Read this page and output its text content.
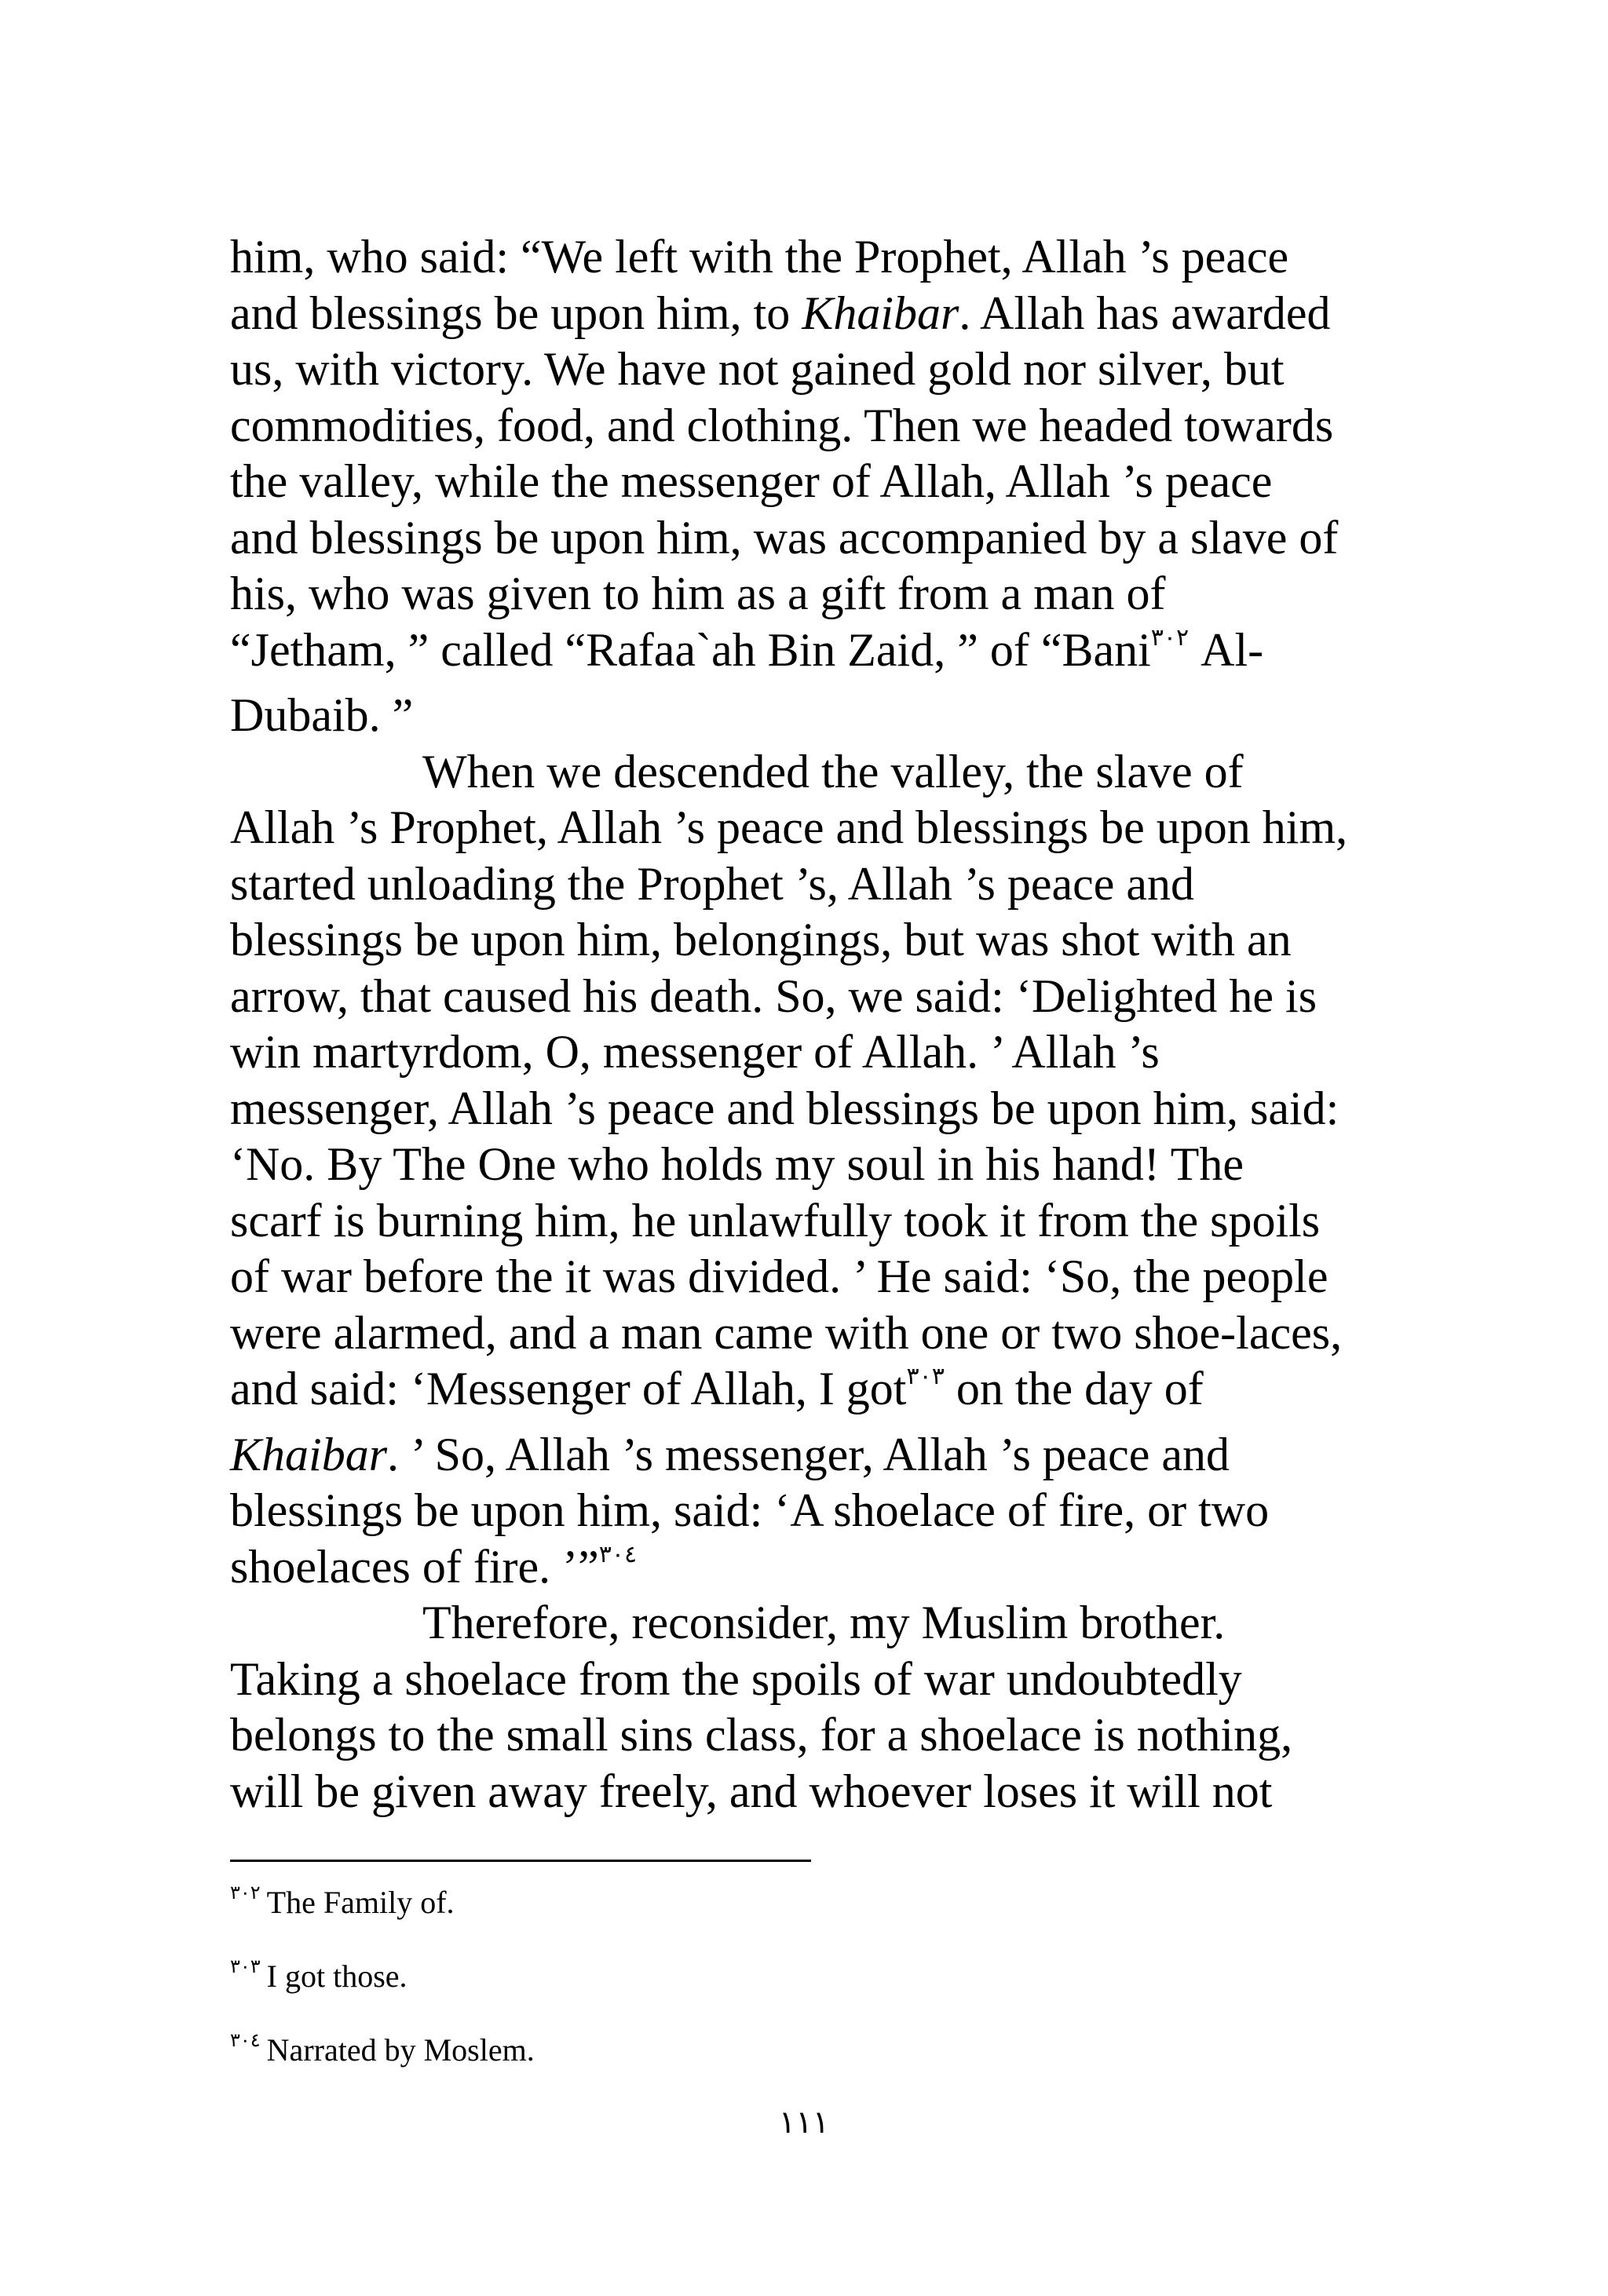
him, who said: “We left with the Prophet, Allah ’s peace
and blessings be upon him, to Khaibar. Allah has awarded
us, with victory. We have not gained gold nor silver, but
commodities, food, and clothing. Then we headed towards
the valley, while the messenger of Allah, Allah ’s peace
and blessings be upon him, was accompanied by a slave of
his, who was given to him as a gift from a man of
“Jetham, ” called “Rafaa`ah Bin Zaid, ” of “Bani$^{٣٠٢}$ Al-
Dubaib. ”

When we descended the valley, the slave of
Allah ’s Prophet, Allah ’s peace and blessings be upon him,
started unloading the Prophet ’s, Allah ’s peace and
blessings be upon him, belongings, but was shot with an
arrow, that caused his death. So, we said: ‘Delighted he is
win martyrdom, O, messenger of Allah. ’ Allah ’s
messenger, Allah ’s peace and blessings be upon him, said:
‘No. By The One who holds my soul in his hand! The
scarf is burning him, he unlawfully took it from the spoils
of war before the it was divided. ’ He said: ‘So, the people
were alarmed, and a man came with one or two shoe-laces,
and said: ‘Messenger of Allah, I got$^{٣٠٣}$ on the day of
Khaibar. ’ So, Allah ’s messenger, Allah ’s peace and
blessings be upon him, said: ‘A shoelace of fire, or two
shoelaces of fire. ’”$^{٣٠٤}$

Therefore, reconsider, my Muslim brother.
Taking a shoelace from the spoils of war undoubtedly
belongs to the small sins class, for a shoelace is nothing,
will be given away freely, and whoever loses it will not

$^{٣٠٢}$ The Family of.
$^{٣٠٣}$ I got those.
$^{٣٠٤}$ Narrated by Moslem.
١١١
